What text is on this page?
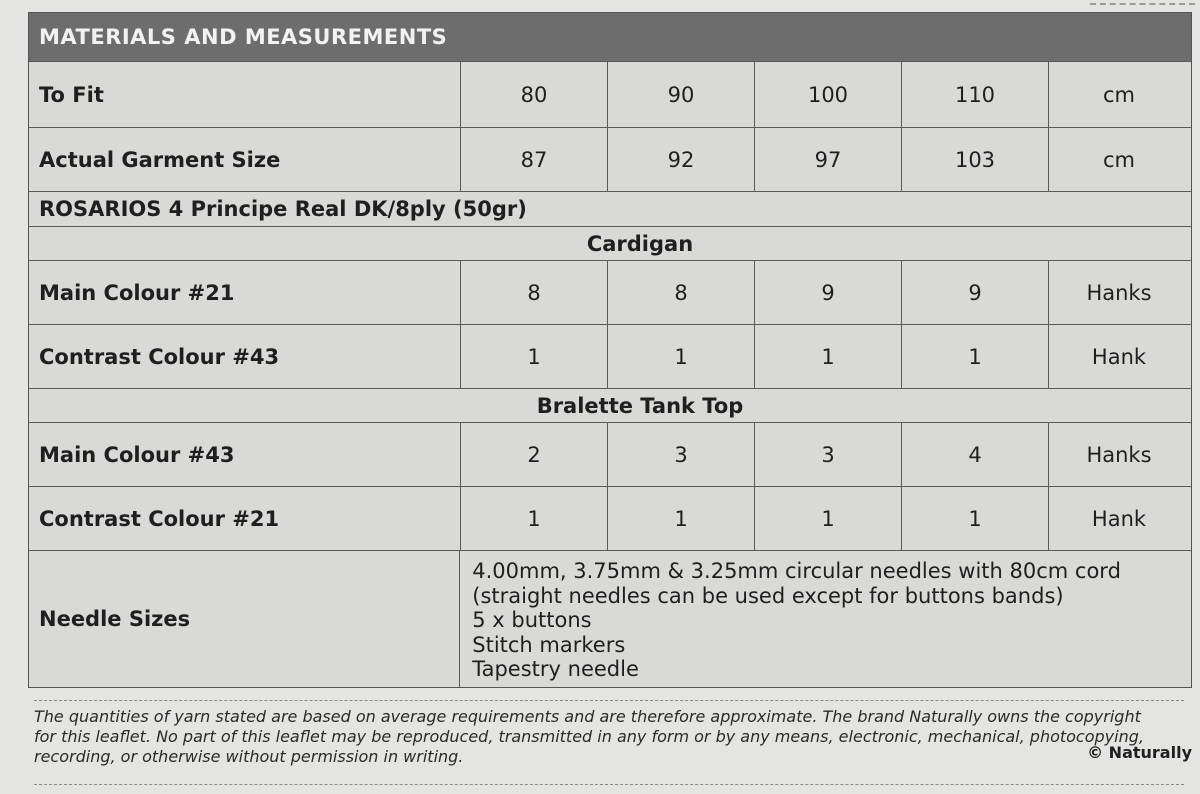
MATERIALS AND MEASUREMENTS
To Fit	80	90	100	110	cm
Actual Garment Size	87	92	97	103	cm
ROSARIOS 4 Principe Real DK/8ply (50gr)
Cardigan
Main Colour #21	8	8	9	9	Hanks
Contrast Colour #43	1	1	1	1	Hank
Bralette Tank Top
Main Colour #43	2	3	3	4	Hanks
Contrast Colour #21	1	1	1	1	Hank
Needle Sizes
4.00mm, 3.75mm & 3.25mm circular needles with 80cm cord
(straight needles can be used except for buttons bands)
5 x buttons
Stitch markers
Tapestry needle

The quantities of yarn stated are based on average requirements and are therefore approximate. The brand Naturally owns the copyright

for this leaflet. No part of this leaflet may be reproduced, transmitted in any form or by any means, electronic, mechanical, photocopying,

recording, or otherwise without permission in writing.	© Naturally
